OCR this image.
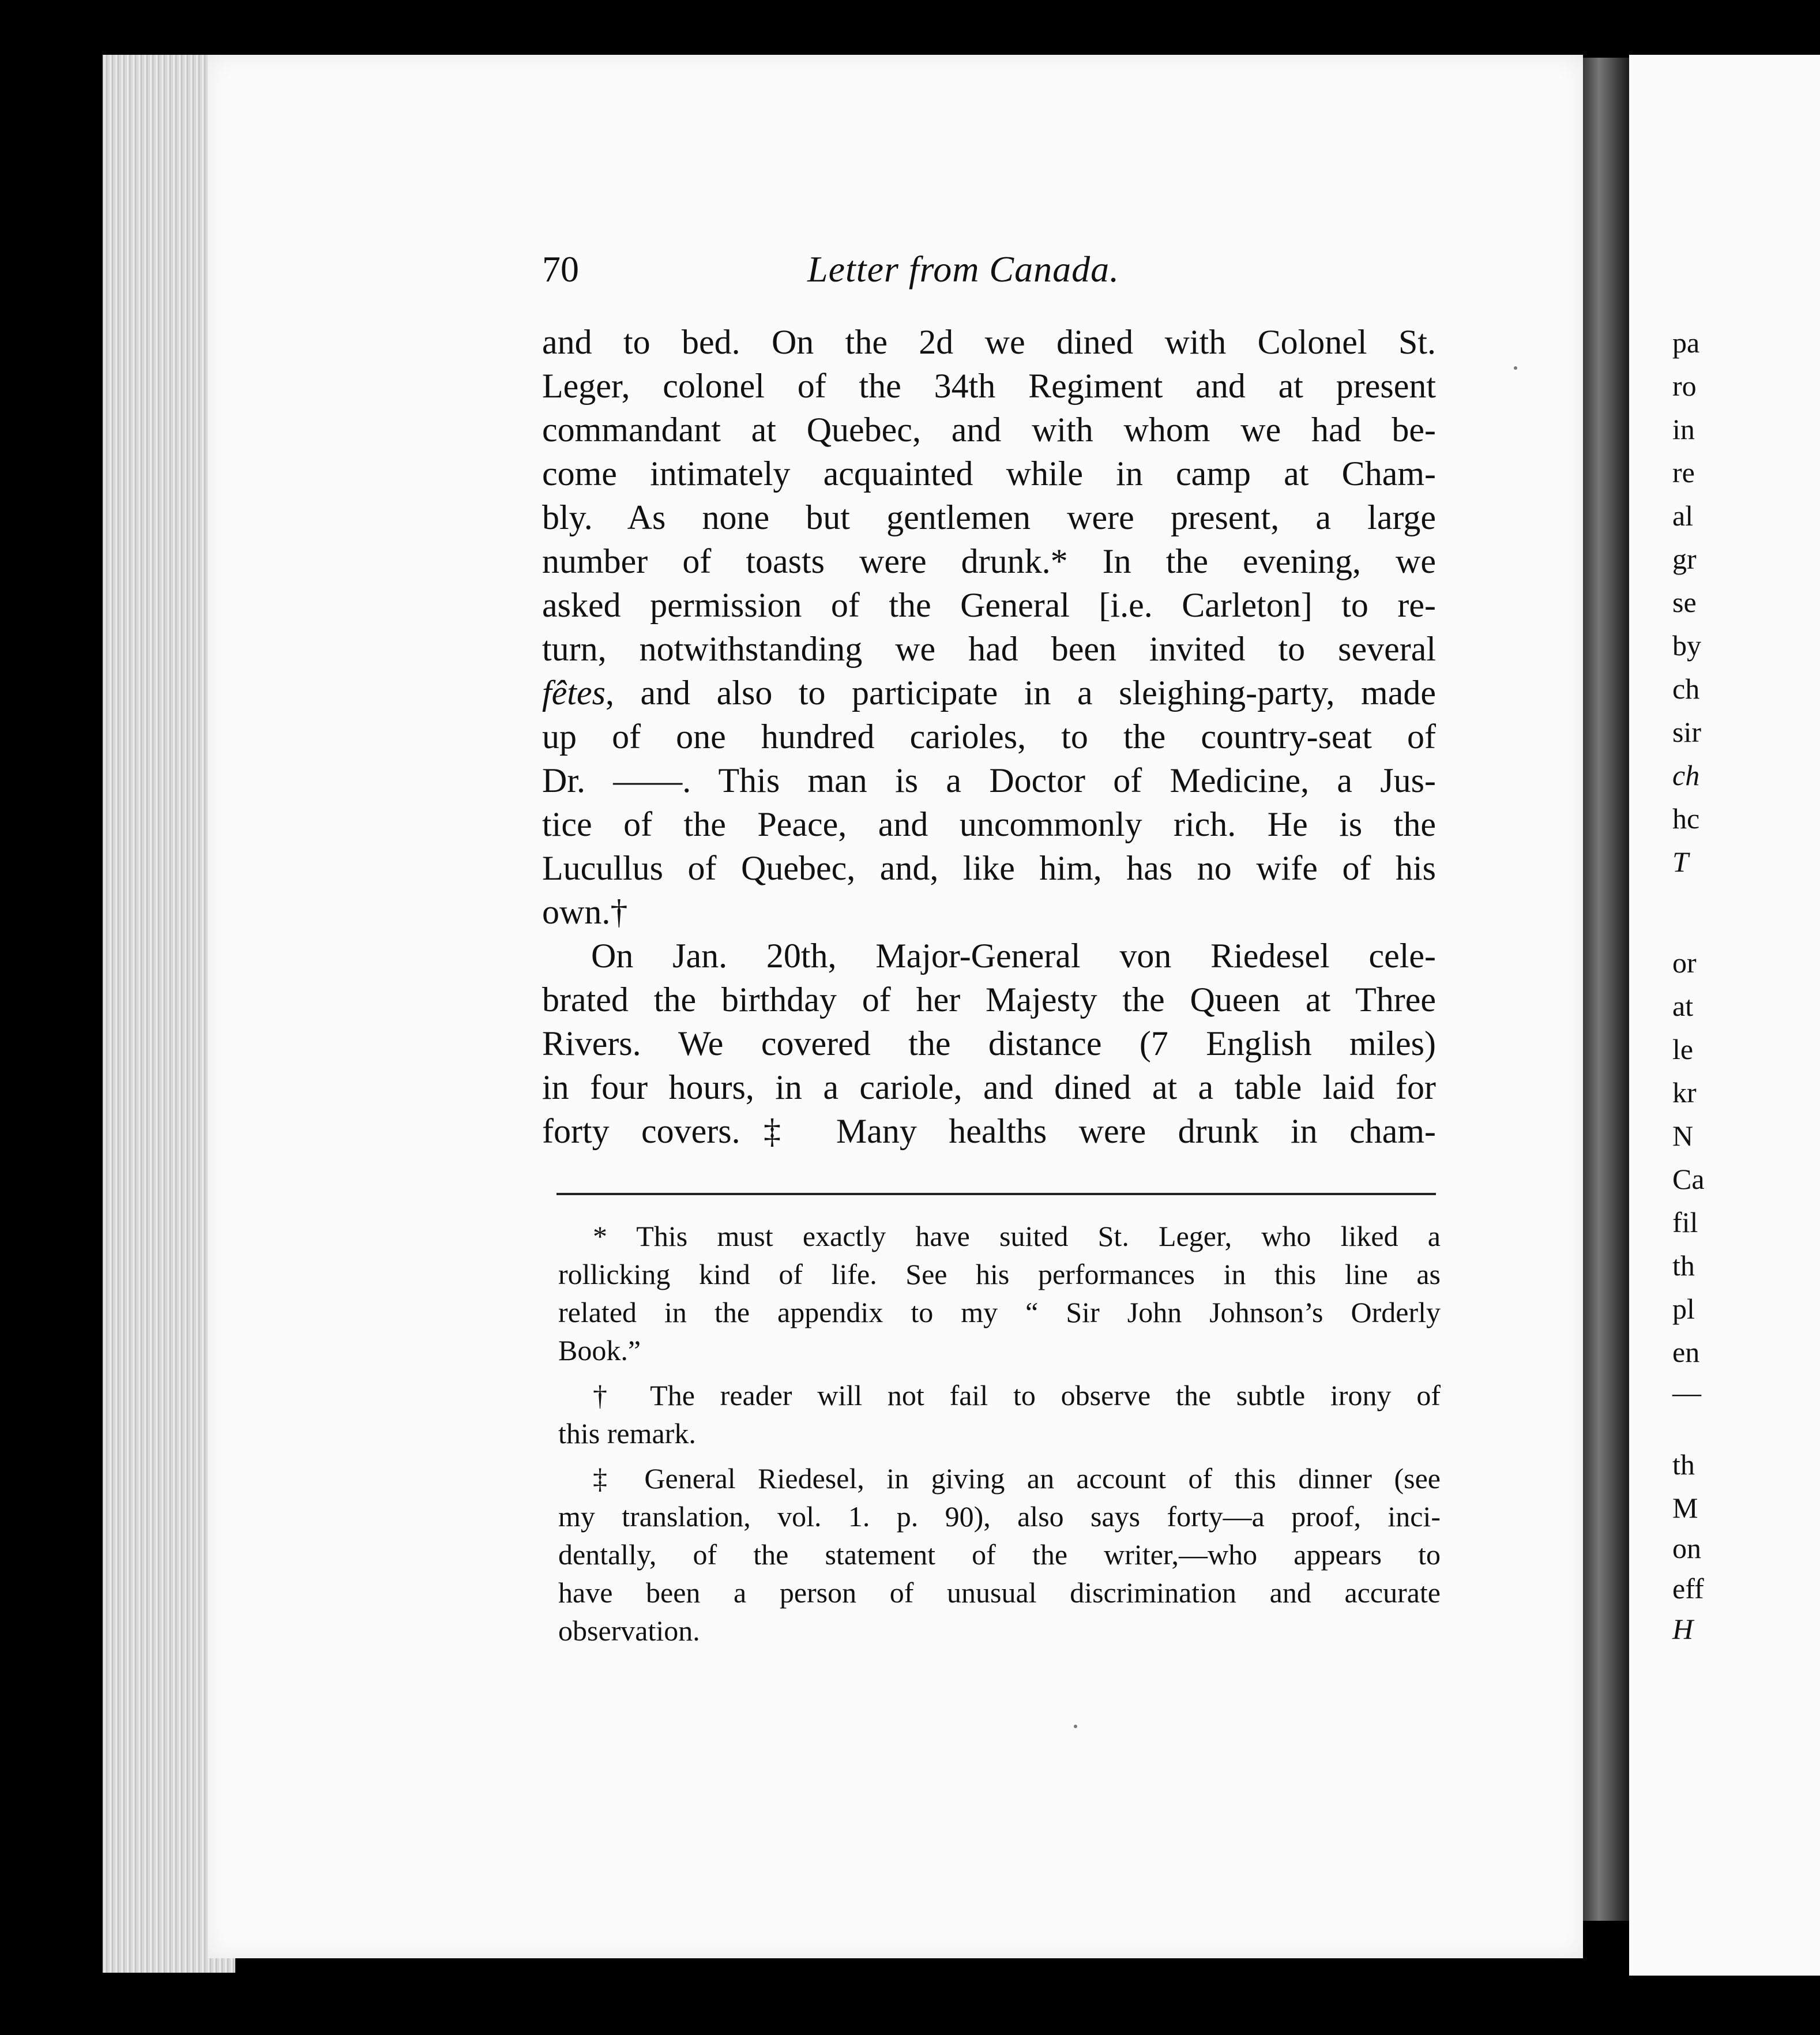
pa
ro
in
re
al
gr
se
by
ch
sir
ch
hc
T
or
at
le
kr
N
Ca
fil
th
pl
en
—
th
M
on
eff
H
70	Letter from Canada.
and to bed. On the 2d we dined with Colonel St.
Leger, colonel of the 34th Regiment and at present
commandant at Quebec, and with whom we had be-
come intimately acquainted while in camp at Cham-
bly. As none but gentlemen were present, a large
number of toasts were drunk.* In the evening, we
asked permission of the General [i.e. Carleton] to re-
turn, notwithstanding we had been invited to several
fêtes, and also to participate in a sleighing-party, made
up of one hundred carioles, to the country-seat of
Dr. ——. This man is a Doctor of Medicine, a Jus-
tice of the Peace, and uncommonly rich. He is the
Lucullus of Quebec, and, like him, has no wife of his
own.†
On Jan. 20th, Major-General von Riedesel cele-
brated the birthday of her Majesty the Queen at Three
Rivers. We covered the distance (7 English miles)
in four hours, in a cariole, and dined at a table laid for
forty covers.‡ Many healths were drunk in cham-
* This must exactly have suited St. Leger, who liked a
rollicking kind of life. See his performances in this line as
related in the appendix to my “ Sir John Johnson’s Orderly
Book.”
† The reader will not fail to observe the subtle irony of
this remark.
‡ General Riedesel, in giving an account of this dinner (see
my translation, vol. 1. p. 90), also says forty—a proof, inci-
dentally, of the statement of the writer,—who appears to
have been a person of unusual discrimination and accurate
observation.
